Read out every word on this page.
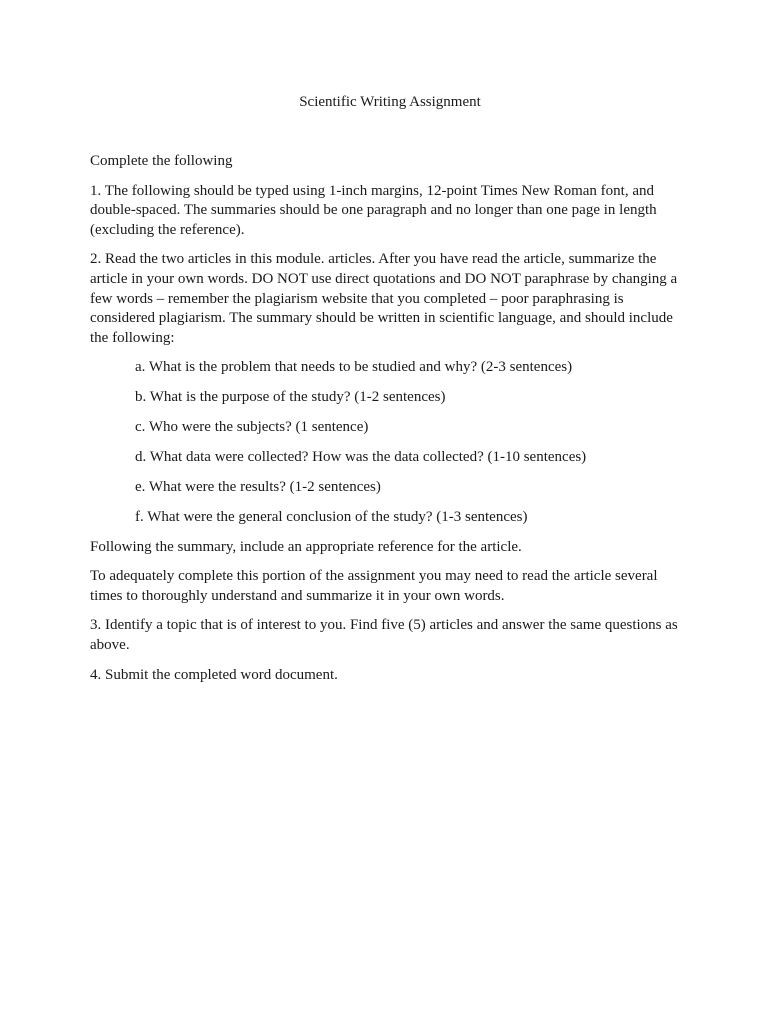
Scientific Writing Assignment

Complete the following

1. The following should be typed using 1-inch margins, 12-point Times New Roman font, and double-spaced. The summaries should be one paragraph and no longer than one page in length (excluding the reference).

2. Read the two articles in this module. articles. After you have read the article, summarize the article in your own words. DO NOT use direct quotations and DO NOT paraphrase by changing a few words – remember the plagiarism website that you completed – poor paraphrasing is considered plagiarism. The summary should be written in scientific language, and should include the following:

a. What is the problem that needs to be studied and why? (2-3 sentences)
b. What is the purpose of the study? (1-2 sentences)
c. Who were the subjects? (1 sentence)
d. What data were collected? How was the data collected? (1-10 sentences)
e. What were the results? (1-2 sentences)
f. What were the general conclusion of the study? (1-3 sentences)

Following the summary, include an appropriate reference for the article.

To adequately complete this portion of the assignment you may need to read the article several times to thoroughly understand and summarize it in your own words.

3. Identify a topic that is of interest to you. Find five (5) articles and answer the same questions as above.

4. Submit the completed word document.
